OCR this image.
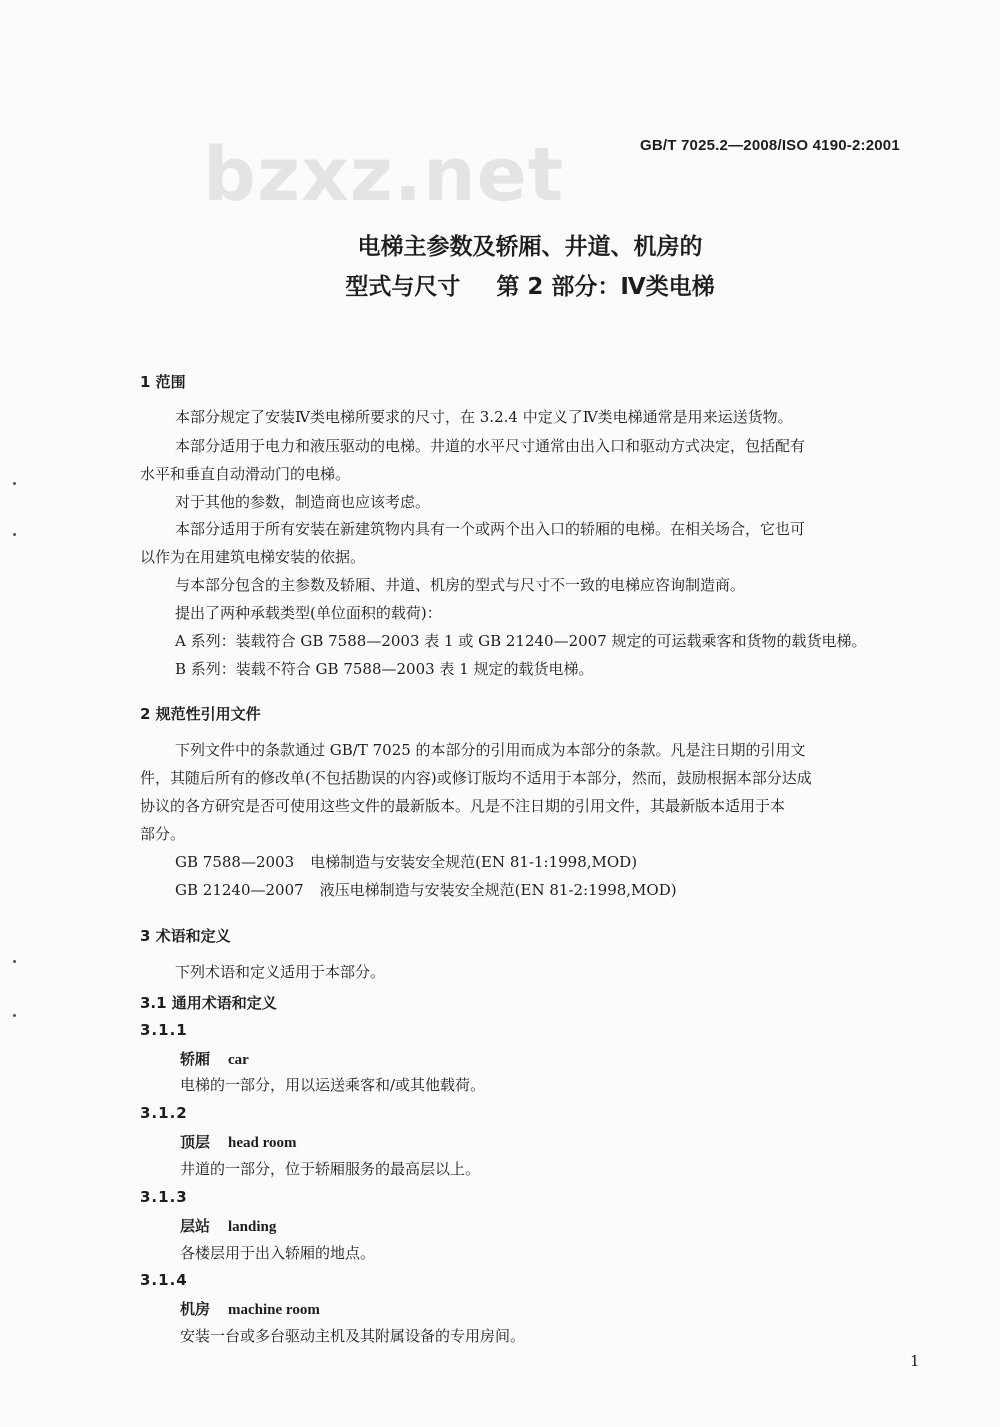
bzxz.net	GB/T 7025.2—2008/ISO 4190-2:2001
电梯主参数及轿厢、井道、机房的
型式与尺寸 第 2 部分：Ⅳ类电梯
1 范围
本部分规定了安装Ⅳ类电梯所要求的尺寸，在 3.2.4 中定义了Ⅳ类电梯通常是用来运送货物。
本部分适用于电力和液压驱动的电梯。井道的水平尺寸通常由出入口和驱动方式决定，包括配有
水平和垂直自动滑动门的电梯。
对于其他的参数，制造商也应该考虑。
本部分适用于所有安装在新建筑物内具有一个或两个出入口的轿厢的电梯。在相关场合，它也可
以作为在用建筑电梯安装的依据。
与本部分包含的主参数及轿厢、井道、机房的型式与尺寸不一致的电梯应咨询制造商。
提出了两种承载类型(单位面积的载荷)：
A 系列：装载符合 GB 7588—2003 表 1 或 GB 21240—2007 规定的可运载乘客和货物的载货电梯。
B 系列：装载不符合 GB 7588—2003 表 1 规定的载货电梯。
2 规范性引用文件
下列文件中的条款通过 GB/T 7025 的本部分的引用而成为本部分的条款。凡是注日期的引用文
件，其随后所有的修改单(不包括勘误的内容)或修订版均不适用于本部分，然而，鼓励根据本部分达成
协议的各方研究是否可使用这些文件的最新版本。凡是不注日期的引用文件，其最新版本适用于本
部分。
GB 7588—2003 电梯制造与安装安全规范(EN 81-1:1998,MOD)
GB 21240—2007 液压电梯制造与安装安全规范(EN 81-2:1998,MOD)
3 术语和定义
下列术语和定义适用于本部分。
3.1 通用术语和定义
3.1.1
轿厢 car
电梯的一部分，用以运送乘客和/或其他载荷。
3.1.2
顶层 head room
井道的一部分，位于轿厢服务的最高层以上。
3.1.3
层站 landing
各楼层用于出入轿厢的地点。
3.1.4
机房 machine room
安装一台或多台驱动主机及其附属设备的专用房间。
1
